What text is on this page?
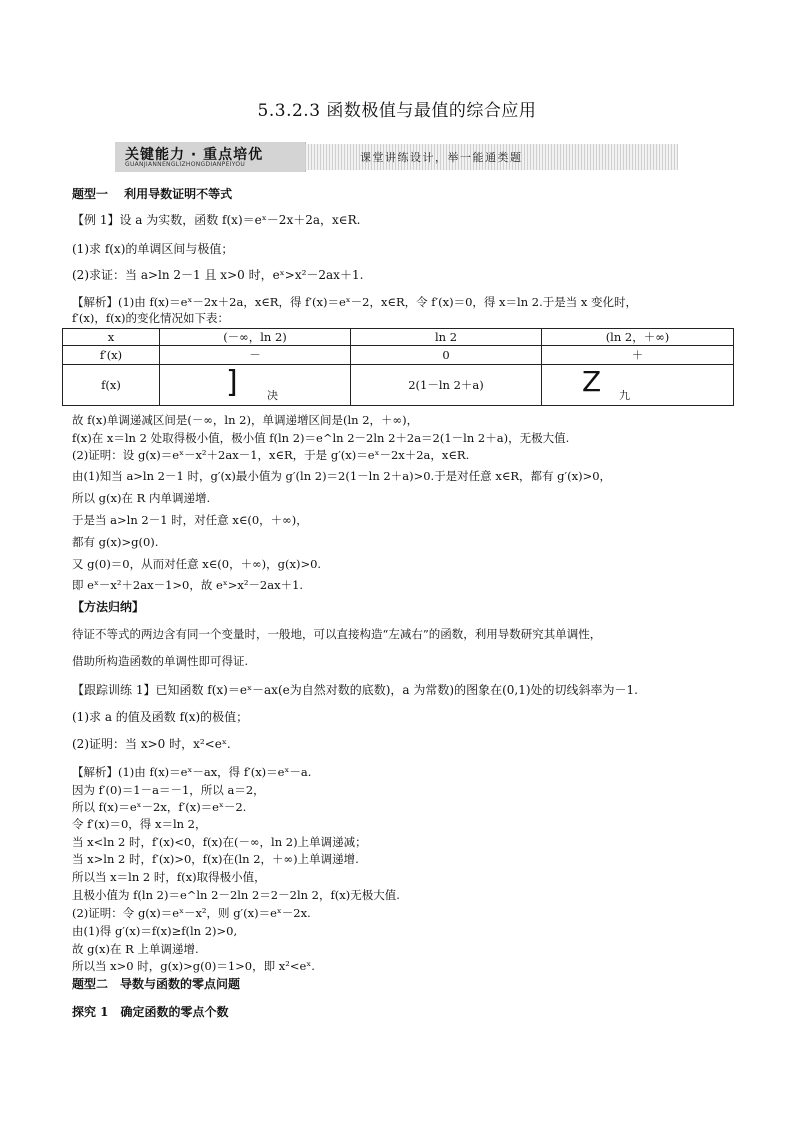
5.3.2.3 函数极值与最值的综合应用
关键能力 · 重点培优
GUANJIANNENGLIZHONGDIANPEIYOU
课堂讲练设计，举一能通类题
题型一　 利用导数证明不等式
【例 1】设 a 为实数，函数 f(x)＝eˣ－2x＋2a，x∈R.
(1)求 f(x)的单调区间与极值；
(2)求证：当 a>ln 2－1 且 x>0 时，eˣ>x²－2ax＋1.
【解析】(1)由 f(x)＝eˣ－2x＋2a，x∈R，得 f′(x)＝eˣ－2，x∈R，令 f′(x)＝0，得 x＝ln 2.于是当 x 变化时，
f′(x)，f(x)的变化情况如下表：
x	(－∞，ln 2)	ln 2	(ln 2，＋∞)
f′(x)	－	0	＋
f(x)	] 决	2(1－ln 2＋a)	Z 九
故 f(x)单调递减区间是(－∞，ln 2)，单调递增区间是(ln 2，＋∞)，
f(x)在 x＝ln 2 处取得极小值，极小值 f(ln 2)＝e^ln 2－2ln 2＋2a＝2(1－ln 2＋a)，无极大值.
(2)证明：设 g(x)＝eˣ－x²＋2ax－1，x∈R，于是 g′(x)＝eˣ－2x＋2a，x∈R.
由(1)知当 a>ln 2－1 时，g′(x)最小值为 g′(ln 2)＝2(1－ln 2＋a)>0.于是对任意 x∈R，都有 g′(x)>0，
所以 g(x)在 R 内单调递增.
于是当 a>ln 2－1 时，对任意 x∈(0，＋∞)，
都有 g(x)>g(0).
又 g(0)＝0，从而对任意 x∈(0，＋∞)，g(x)>0.
即 eˣ－x²＋2ax－1>0，故 eˣ>x²－2ax＋1.
【方法归纳】
待证不等式的两边含有同一个变量时，一般地，可以直接构造“左减右”的函数，利用导数研究其单调性，
借助所构造函数的单调性即可得证.
【跟踪训练 1】已知函数 f(x)＝eˣ－ax(e为自然对数的底数)，a 为常数)的图象在(0,1)处的切线斜率为－1.
(1)求 a 的值及函数 f(x)的极值；
(2)证明：当 x>0 时，x²<eˣ.
【解析】(1)由 f(x)＝eˣ－ax，得 f′(x)＝eˣ－a.
因为 f′(0)＝1－a＝－1，所以 a＝2，
所以 f(x)＝eˣ－2x，f′(x)＝eˣ－2.
令 f′(x)＝0，得 x＝ln 2，
当 x<ln 2 时，f′(x)<0，f(x)在(－∞，ln 2)上单调递减；
当 x>ln 2 时，f′(x)>0，f(x)在(ln 2，＋∞)上单调递增.
所以当 x＝ln 2 时，f(x)取得极小值，
且极小值为 f(ln 2)＝e^ln 2－2ln 2＝2－2ln 2，f(x)无极大值.
(2)证明：令 g(x)＝eˣ－x²，则 g′(x)＝eˣ－2x.
由(1)得 g′(x)＝f(x)≥f(ln 2)>0,
故 g(x)在 R 上单调递增.
所以当 x>0 时，g(x)>g(0)＝1>0，即 x²<eˣ.
题型二　导数与函数的零点问题
探究 1　确定函数的零点个数
